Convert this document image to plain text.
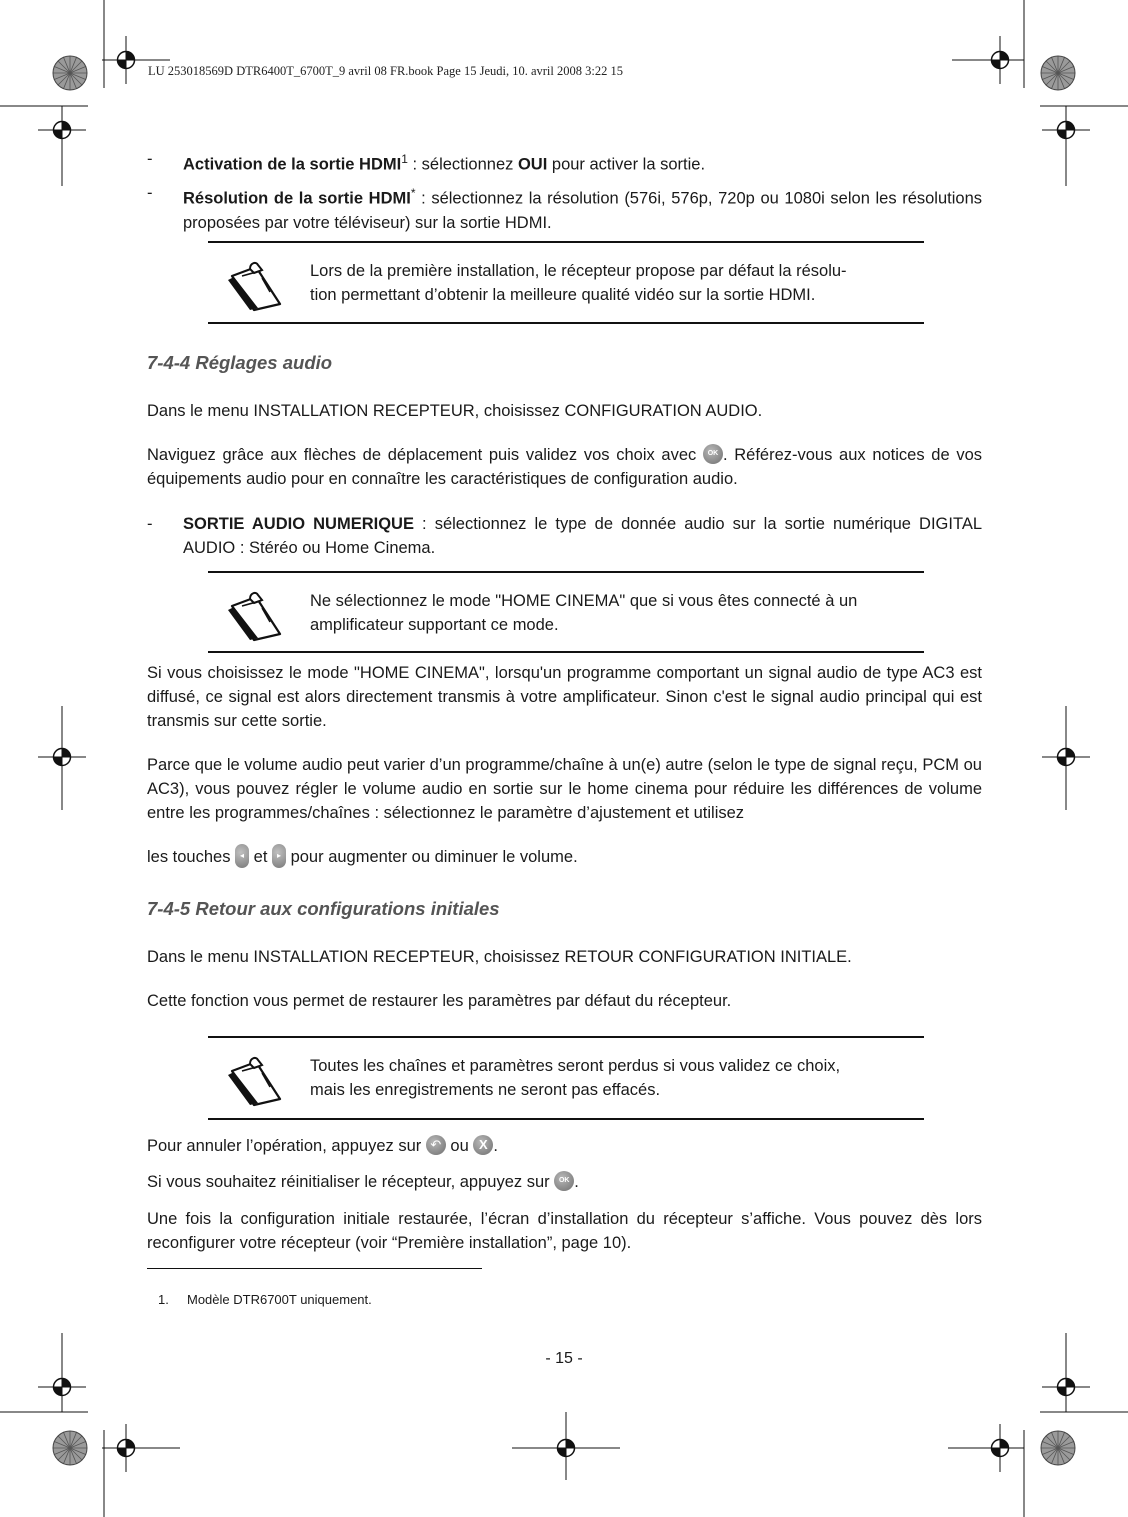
LU 253018569D DTR6400T_6700T_9 avril 08 FR.book Page 15 Jeudi, 10. avril 2008 3:22 15
- Activation de la sortie HDMI$^1$ : sélectionnez OUI pour activer la sortie.
- Résolution de la sortie HDMI* : sélectionnez la résolution (576i, 576p, 720p ou 1080i selon les résolutions proposées par votre téléviseur) sur la sortie HDMI.
7-4-4 Réglages audio
Dans le menu INSTALLATION RECEPTEUR, choisissez CONFIGURATION AUDIO.
Naviguez grâce aux flèches de déplacement puis validez vos choix avec OK . Référez-vous aux notices de vos équipements audio pour en connaître les caractéristiques de configuration audio.
- SORTIE AUDIO NUMERIQUE : sélectionnez le type de donnée audio sur la sortie numérique DIGITAL AUDIO : Stéréo ou Home Cinema.
Si vous choisissez le mode "HOME CINEMA", lorsqu'un programme comportant un signal audio de type AC3 est diffusé, ce signal est alors directement transmis à votre amplificateur. Sinon c'est le signal audio principal qui est transmis sur cette sortie.
Parce que le volume audio peut varier d’un programme/chaîne à un(e) autre (selon le type de signal reçu, PCM ou AC3), vous pouvez régler le volume audio en sortie sur le home cinema pour réduire les différences de volume entre les programmes/chaînes : sélectionnez le paramètre d’ajustement et utilisez
les touches ◂ et ▸ pour augmenter ou diminuer le volume.
7-4-5 Retour aux configurations initiales
Dans le menu INSTALLATION RECEPTEUR, choisissez RETOUR CONFIGURATION INITIALE.
Cette fonction vous permet de restaurer les paramètres par défaut du récepteur.
Pour annuler l’opération, appuyez sur ↶ ou X .
Si vous souhaitez réinitialiser le récepteur, appuyez sur OK .
Une fois la configuration initiale restaurée, l’écran d’installation du récepteur s’affiche. Vous pouvez dès lors reconfigurer votre récepteur (voir “Première installation”, page 10).
Lors de la première installation, le récepteur propose par défaut la résolu-
tion permettant d’obtenir la meilleure qualité vidéo sur la sortie HDMI.
Ne sélectionnez le mode "HOME CINEMA" que si vous êtes connecté à un
amplificateur supportant ce mode.
Toutes les chaînes et paramètres seront perdus si vous validez ce choix,
mais les enregistrements ne seront pas effacés.
1. Modèle DTR6700T uniquement.
- 15 -
